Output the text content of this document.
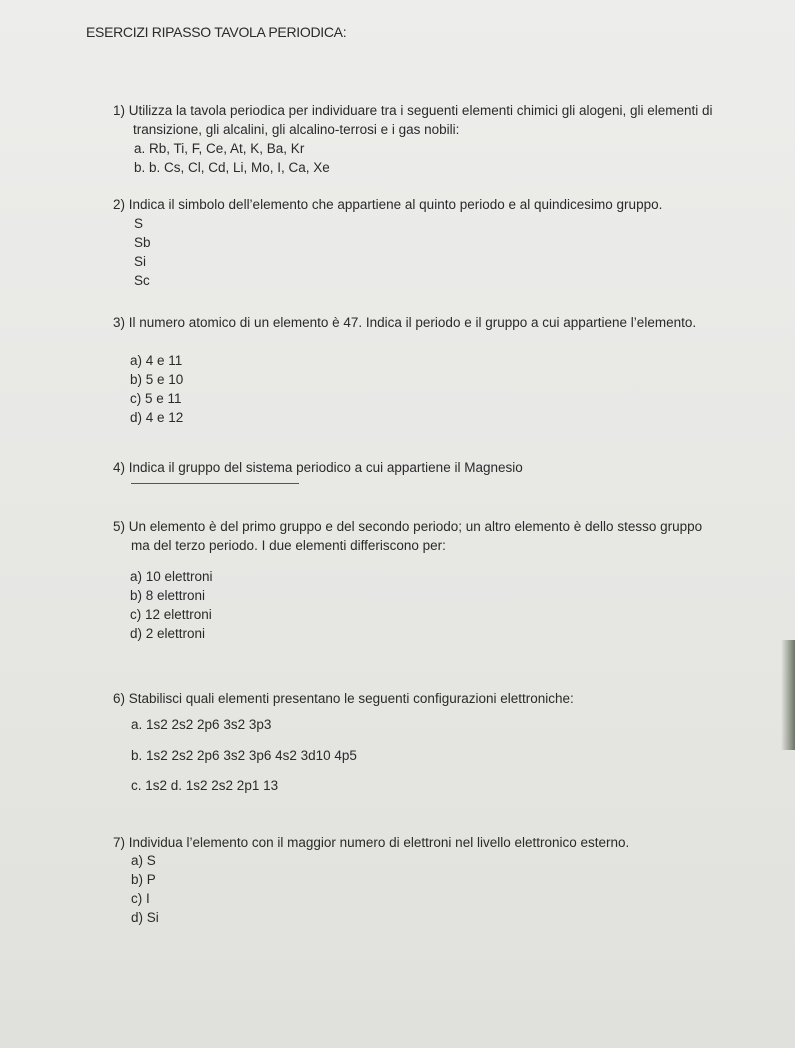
ESERCIZI RIPASSO TAVOLA PERIODICA:
1) Utilizza la tavola periodica per individuare tra i seguenti elementi chimici gli alogeni, gli elementi di
transizione, gli alcalini, gli alcalino-terrosi e i gas nobili:
a. Rb, Ti, F, Ce, At, K, Ba, Kr
b. b. Cs, Cl, Cd, Li, Mo, I, Ca, Xe
2) Indica il simbolo dell’elemento che appartiene al quinto periodo e al quindicesimo gruppo.
S
Sb
Si
Sc
3) Il numero atomico di un elemento è 47. Indica il periodo e il gruppo a cui appartiene l’elemento.
a) 4 e 11
b) 5 e 10
c) 5 e 11
d) 4 e 12
4) Indica il gruppo del sistema periodico a cui appartiene il Magnesio
5) Un elemento è del primo gruppo e del secondo periodo; un altro elemento è dello stesso gruppo
ma del terzo periodo. I due elementi differiscono per:
a) 10 elettroni
b) 8 elettroni
c) 12 elettroni
d) 2 elettroni
6) Stabilisci quali elementi presentano le seguenti configurazioni elettroniche:
a. 1s2 2s2 2p6 3s2 3p3
b. 1s2 2s2 2p6 3s2 3p6 4s2 3d10 4p5
c. 1s2 d. 1s2 2s2 2p1 13
7) Individua l’elemento con il maggior numero di elettroni nel livello elettronico esterno.
a) S
b) P
c) I
d) Si
